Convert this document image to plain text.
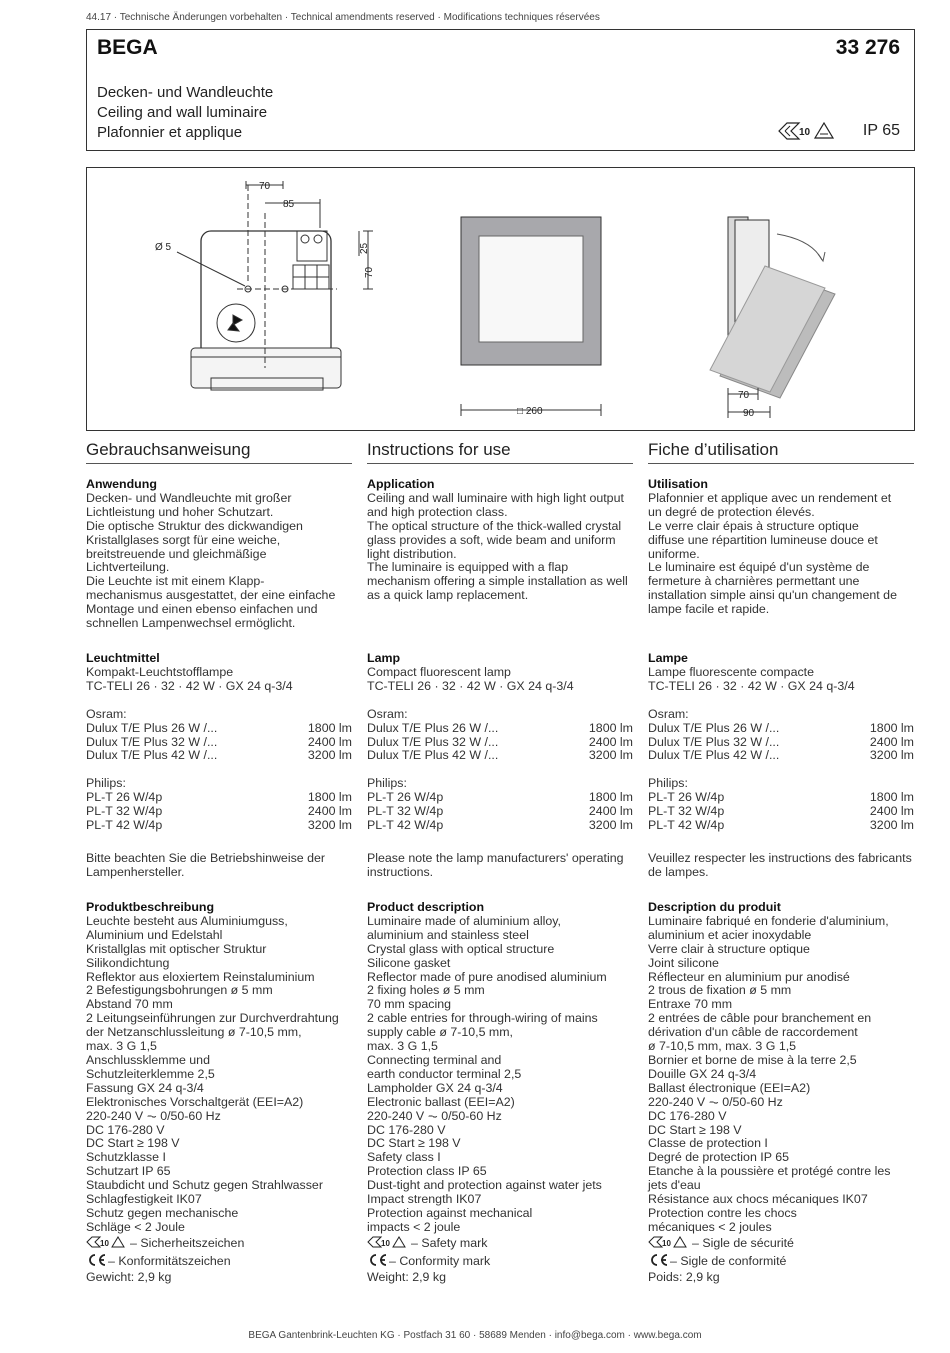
44.17 · Technische Änderungen vorbehalten · Technical amendments reserved · Modifications techniques réservées
BEGA	33 276
Decken- und Wandleuchte
Ceiling and wall luminaire
Plafonnier et applique	10	IP 65
70
85
Ø 5	25
70
□ 260
70
90
Gebrauchsanweisung
Anwendung
Decken- und Wandleuchte mit großer
Lichtleistung und hoher Schutzart.
Die optische Struktur des dickwandigen
Kristallglases sorgt für eine weiche,
breitstreuende und gleichmäßige
Lichtverteilung.
Die Leuchte ist mit einem Klapp-
mechanismus ausgestattet, der eine einfache
Montage und einen ebenso einfachen und
schnellen Lampenwechsel ermöglicht.
Leuchtmittel
Kompakt-Leuchtstofflampe
TC-TELI 26 · 32 · 42 W · GX 24 q-3/4
Osram:
Dulux T/E Plus 26 W /...	1800 lm
Dulux T/E Plus 32 W /...	2400 lm
Dulux T/E Plus 42 W /...	3200 lm
Philips:
PL-T 26 W/4p	1800 lm
PL-T 32 W/4p	2400 lm
PL-T 42 W/4p	3200 lm
Bitte beachten Sie die Betriebshinweise der
Lampenhersteller.
Produktbeschreibung
Leuchte besteht aus Aluminiumguss,
Aluminium und Edelstahl
Kristallglas mit optischer Struktur
Silikondichtung
Reflektor aus eloxiertem Reinstaluminium
2 Befestigungsbohrungen ø 5 mm
Abstand 70 mm
2 Leitungseinführungen zur Durchverdrahtung
der Netzanschlussleitung ø 7-10,5 mm,
max. 3 G 1,5
Anschlussklemme und
Schutzleiterklemme 2,5
Fassung GX 24 q-3/4
Elektronisches Vorschaltgerät (EEI=A2)
220-240 V ⏦ 0/50-60 Hz
DC 176-280 V
DC Start ≥ 198 V
Schutzklasse I
Schutzart IP 65
Staubdicht und Schutz gegen Strahlwasser
Schlagfestigkeit IK07
Schutz gegen mechanische
Schläge < 2 Joule
10 – Sicherheitszeichen
– Konformitätszeichen
Gewicht: 2,9 kg
Instructions for use
Application
Ceiling and wall luminaire with high light output
and high protection class.
The optical structure of the thick-walled crystal
glass provides a soft, wide beam and uniform
light distribution.
The luminaire is equipped with a flap
mechanism offering a simple installation as well
as a quick lamp replacement.
Lamp
Compact fluorescent lamp
TC-TELI 26 · 32 · 42 W · GX 24 q-3/4
Osram:
Dulux T/E Plus 26 W /...	1800 lm
Dulux T/E Plus 32 W /...	2400 lm
Dulux T/E Plus 42 W /...	3200 lm
Philips:
PL-T 26 W/4p	1800 lm
PL-T 32 W/4p	2400 lm
PL-T 42 W/4p	3200 lm
Please note the lamp manufacturers' operating
instructions.
Product description
Luminaire made of aluminium alloy,
aluminium and stainless steel
Crystal glass with optical structure
Silicone gasket
Reflector made of pure anodised aluminium
2 fixing holes ø 5 mm
70 mm spacing
2 cable entries for through-wiring of mains
supply cable ø 7-10,5 mm,
max. 3 G 1,5
Connecting terminal and
earth conductor terminal 2,5
Lampholder GX 24 q-3/4
Electronic ballast (EEI=A2)
220-240 V ⏦ 0/50-60 Hz
DC 176-280 V
DC Start ≥ 198 V
Safety class I
Protection class IP 65
Dust-tight and protection against water jets
Impact strength IK07
Protection against mechanical
impacts < 2 joule
10 – Safety mark
– Conformity mark
Weight: 2,9 kg
Fiche d’utilisation
Utilisation
Plafonnier et applique avec un rendement et
un degré de protection élevés.
Le verre clair épais à structure optique
diffuse une répartition lumineuse douce et
uniforme.
Le luminaire est équipé d'un système de
fermeture à charnières permettant une
installation simple ainsi qu'un changement de
lampe facile et rapide.
Lampe
Lampe fluorescente compacte
TC-TELI 26 · 32 · 42 W · GX 24 q-3/4
Osram:
Dulux T/E Plus 26 W /...	1800 lm
Dulux T/E Plus 32 W /...	2400 lm
Dulux T/E Plus 42 W /...	3200 lm
Philips:
PL-T 26 W/4p	1800 lm
PL-T 32 W/4p	2400 lm
PL-T 42 W/4p	3200 lm
Veuillez respecter les instructions des fabricants
de lampes.
Description du produit
Luminaire fabriqué en fonderie d'aluminium,
aluminium et acier inoxydable
Verre clair à structure optique
Joint silicone
Réflecteur en aluminium pur anodisé
2 trous de fixation ø 5 mm
Entraxe 70 mm
2 entrées de câble pour branchement en
dérivation d'un câble de raccordement
ø 7-10,5 mm, max. 3 G 1,5
Bornier et borne de mise à la terre 2,5
Douille GX 24 q-3/4
Ballast électronique (EEI=A2)
220-240 V ⏦ 0/50-60 Hz
DC 176-280 V
DC Start ≥ 198 V
Classe de protection I
Degré de protection IP 65
Etanche à la poussière et protégé contre les
jets d'eau
Résistance aux chocs mécaniques IK07
Protection contre les chocs
mécaniques < 2 joules
10 – Sigle de sécurité
– Sigle de conformité
Poids: 2,9 kg
BEGA Gantenbrink-Leuchten KG · Postfach 31 60 · 58689 Menden · info@bega.com · www.bega.com
